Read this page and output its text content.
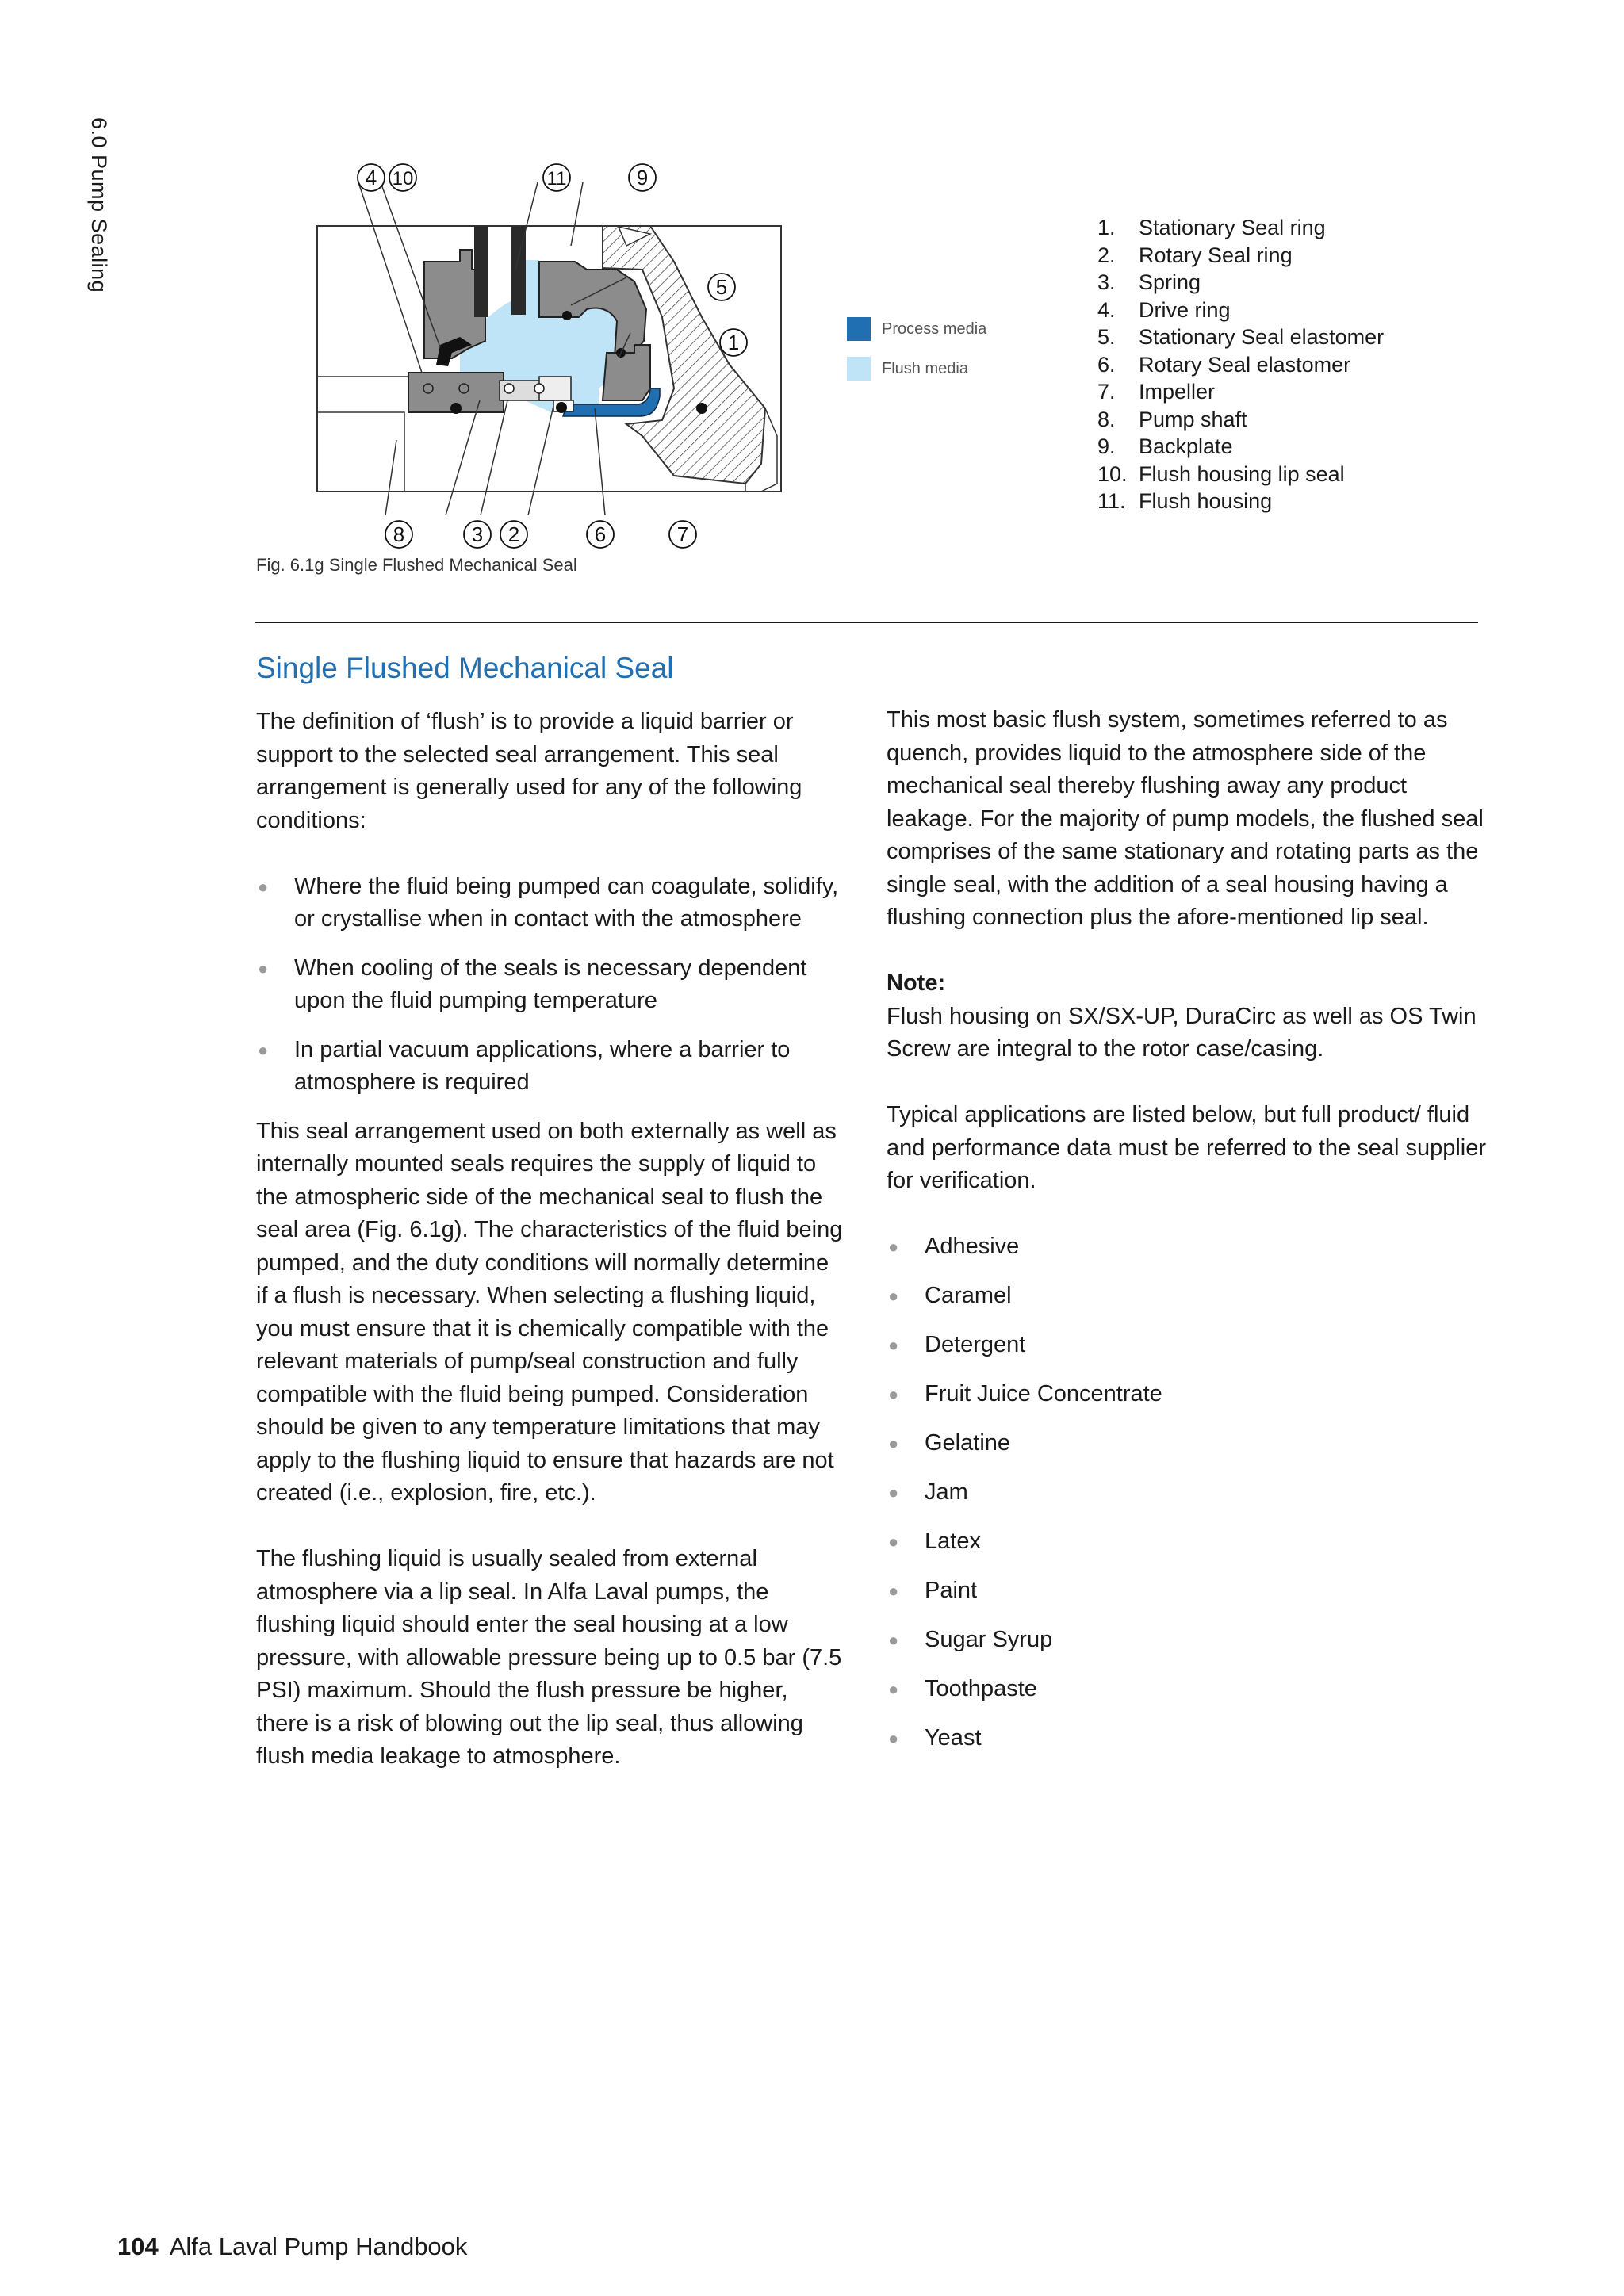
6.0 Pump Sealing	4 10	11	9
5
1
8	3 2	6	7
Process media
Flush media
1.	Stationary Seal ring
2.	Rotary Seal ring
3.	Spring
4.	Drive ring
5.	Stationary Seal elastomer
6.	Rotary Seal elastomer
7.	Impeller
8.	Pump shaft
9.	Backplate
10. Flush housing lip seal
11. Flush housing
Fig. 6.1g Single Flushed Mechanical Seal
Single Flushed Mechanical Seal

The definition of ‘flush’ is to provide a liquid barrier or support to the selected seal arrangement. This seal arrangement is generally used for any of the following conditions:

● Where the fluid being pumped can coagulate, solidify, or crystallise when in contact with the atmosphere
● When cooling of the seals is necessary dependent upon the fluid pumping temperature
● In partial vacuum applications, where a barrier to atmosphere is required

This seal arrangement used on both externally as well as internally mounted seals requires the supply of liquid to the atmospheric side of the mechanical seal to flush the seal area (Fig. 6.1g). The characteristics of the fluid being pumped, and the duty conditions will normally determine if a flush is necessary. When selecting a flushing liquid, you must ensure that it is chemically compatible with the relevant materials of pump/seal construction and fully compatible with the fluid being pumped. Consideration should be given to any temperature limitations that may apply to the flushing liquid to ensure that hazards are not created (i.e., explosion, fire, etc.).

The flushing liquid is usually sealed from external atmosphere via a lip seal. In Alfa Laval pumps, the flushing liquid should enter the seal housing at a low pressure, with allowable pressure being up to 0.5 bar (7.5 PSI) maximum. Should the flush pressure be higher, there is a risk of blowing out the lip seal, thus allowing flush media leakage to atmosphere.

This most basic flush system, sometimes referred to as quench, provides liquid to the atmosphere side of the mechanical seal thereby flushing away any product leakage. For the majority of pump models, the flushed seal comprises of the same stationary and rotating parts as the single seal, with the addition of a seal housing having a flushing connection plus the afore-mentioned lip seal.

Note:

Flush housing on SX/SX-UP, DuraCirc as well as OS Twin Screw are integral to the rotor case/casing.

Typical applications are listed below, but full product/ fluid and performance data must be referred to the seal supplier for verification.

● Adhesive
● Caramel
● Detergent
● Fruit Juice Concentrate
● Gelatine
● Jam
● Latex
● Paint
● Sugar Syrup
● Toothpaste
● Yeast
104 Alfa Laval Pump Handbook
